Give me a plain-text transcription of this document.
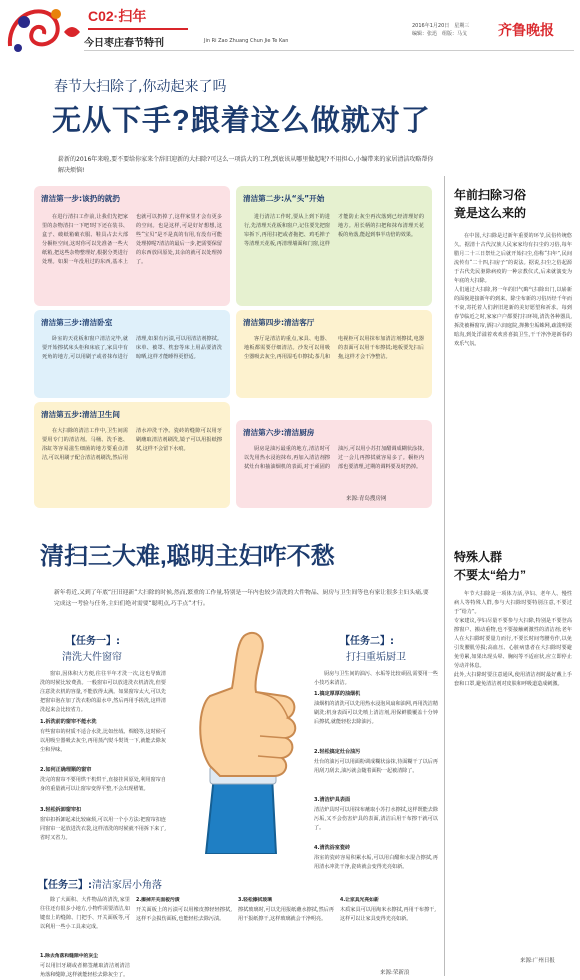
C02·扫年
今日枣庄春节特刊	Jin Ri Zao Zhuang Chun Jie Te Kan
2016年1月20日　星期三
编辑：张迅　组版：马戈 齐鲁晚报
春节大扫除了,你动起来了吗
无从下手?跟着这么做就对了
崭新的2016年来啦,要不要给你家来个辞旧迎新的大扫除?可这么一项浩大的工程,到底该从哪里做起呢?不用担心,小编带来的家居清洁攻略帮你解决烦恼!
清洁第一步:该扔的就扔
在进行清扫工作前,让我们先把家里的杂物清扫一下吧!时下还在装书、盒子、破纸箱破衣服、鞋具占去大部分橱柜空间,这时你可以先准备一些大纸箱,把这些杂物整理好,根据分类进行处理。如果一年没用过的东西,基本上也就可以扔掉了,这样家里才会有更多的空间。也是这样,可是好好想想,这些“宝贝”是不是真的有用,有没有可能处理掉呢?清洁的最后一步,把需要保留的东西放回原处,其余的就可以处理掉了。
清洁第二步:从“头”开始
进行清洁工作时,要从上到下的进行,先清理天花板和窗户,记住要先把窗帘拆下,再用扫把或者拖把、鸡毛掸子等清理天花板,再清理墙面和门窗,这样才能防止灰尘再次落到已经清理好的地方。用长柄的扫把和抹布清理天花板的角落,能起到事半功倍的效果。
清洁第三步:清洁卧室
卧室的天花板和窗户清洁完毕,就要开始擦拭床头柜和床底了,家具中有死角的地方,可以用刷子或者抹布进行清理,如果有污渍,可以用清洁剂擦拭。床单、被罩、枕套等床上用品要清洗晾晒,这样才能睡得更舒适。
清洁第四步:清洁客厅
客厅是清洁的重点,家具、电器、地板都需要仔细清洁。沙发可以用吸尘器吸去灰尘,再用湿毛巾擦拭;茶几和电视柜可以用抹布加清洁剂擦拭,电器的表面可以用干布擦拭;地板要先扫后拖,这样才会干净整洁。
清洁第五步:清洁卫生间
在大扫除的清洁工作中,卫生间需要用专门的清洁剂。马桶、洗手池、浴缸等容易滋生细菌的地方要重点清洁,可以用刷子配合清洁剂刷洗,然后用清水冲洗干净。瓷砖的缝隙可以用牙刷蘸取清洁剂刷洗,镜子可以用报纸擦拭,这样不会留下水痕。
清洁第六步:清洁厨房
厨房是油污最重的地方,清洁时可以先用热水浸泡抹布,再加入清洁剂擦拭灶台和抽油烟机的表面,对于顽固的油污,可以用小苏打加醋调成糊状涂抹,过一会儿再擦拭就容易多了。橱柜内部也要清理,过期的调料要及时扔掉。
来源:青岛搜房网
清扫三大难,聪明主妇咋不愁
新年将近,又到了年底“汪旧迎新”大扫除的时候,然而,繁重的工作量,特别是一年内也较少清洗的大件物品、厨房与卫生间等也有家让很多主妇头痛,要完成这一考验与任务,主妇们绝对需要“聪明点,巧手点”才行。
【任务一】:
清洗大件窗帘
窗帘,因体积大方便,往往半年才洗一次,这也导致清洗的时候比较费劲。一般窗帘可以放进洗衣机清洗,但要注意洗衣机的容量,不能放得太满。如果窗帘太大,可以先把窗帘泡在加了洗衣粉的温水中,然后再用手搓洗,这样清洗起来会比较省力。
1.拆洗前的窗帘不能水洗
有些窗帘的材质不适合水洗,比如丝绒、绸缎等,这时候可以用吸尘器吸去灰尘,再用蒸汽熨斗熨烫一下,就能去除灰尘和异味。
2.如何正确理顺的窗帘
洗完的窗帘不要用烘干机烘干,直接挂回原处,利用窗帘自身的重量就可以让窗帘变得平整,不会出现褶皱。
3.轻松拆卸窗帘扣
窗帘扣拆卸起来比较麻烦,可以用一个小方法:把窗帘扣连同窗帘一起放进洗衣袋,这样清洗的时候就不用拆下来了,省时又省力。
【任务二】:
打扫重垢厨卫
厨房与卫生间的油污、水垢等比较顽固,需要用一些小技巧来清洁。
1.搞定厚厚的油烟机
油烟机的清洗可以先用热水浸泡风扇和油网,再用洗洁精刷洗;机身表面可以先喷上清洁剂,用保鲜膜覆盖十分钟后擦拭,就能轻松去除油污。
2.轻松搞定灶台油污
灶台的油污可以用面粉调成糊状涂抹,待面糊干了以后再用刮刀刮去,油污就会随着面粉一起被清除了。
3.清洁炉具表面
清洁炉具时可以用抹布蘸取小苏打水擦拭,这样既能去除污垢,又不会伤害炉具的表面,清洁后用干布擦干就可以了。
4.清洗浴室瓷砖
浴室的瓷砖容易积累水垢,可以用白醋和水混合擦拭,再用清水冲洗干净,瓷砖就会变得光亮如新。
【任务三】:清洁家居小角落
除了大面积、大件物品的清洗,家里往往还有很多小地方,小物件需要清洁,如键盘上的缝隙、门把手、开关面板等,可以利用一些小工具来完成。
1.除去角落和缝隙中的灰尘
可以用旧牙刷或者棉签蘸取清洁剂清洁角落和缝隙,这样就能轻松去除灰尘了。
2.擦掉开关面板污渍
开关面板上的污渍可以用橡皮擦轻轻擦拭,这样不会损伤面板,也能轻松去除污渍。
3.轻松擦拭玻璃
擦拭玻璃时,可以先用报纸蘸水擦拭,然后再用干报纸擦干,这样玻璃就会干净明亮。
4.让家具光亮如新
木质家具可以用淘米水擦拭,再用干布擦干,这样可以让家具变得光亮如新。
来源:荣新浪
年前扫除习俗
竟是这么来的
在中国,大扫除是过新年重要的环节,民俗传统悠久。据清十古代汉族人民家家均有扫尘的习俗,每年腊月二十三日祭灶之后就开始扫尘,俗称“扫年”,民间流传有“二十四,扫房子”的说法。据说,扫尘之俗起源于古代先民驱除病疫的一种宗教仪式,后来就演变为年底的大扫除。
人们通过大扫除,将一年的旧气晦气扫除出门,以崭新的面貌迎接新年的到来。除尘布新的习俗历经千年而不衰,寄托着人们辞旧迎新的美好愿望和祈求。每到春节临近之时,家家户户都要打扫环境,清洗各种器具,拆洗被褥窗帘,洒扫六闾庭院,掸拂尘垢蛛网,疏浚明渠暗沟,到处洋溢着欢欢喜喜搞卫生,干干净净迎新春的欢乐气氛。
特殊人群
不要太“给力”
年节大扫除是一项体力活,孕妇、老年人、慢性病人等特殊人群,参与大扫除时要特别注意,不要过于“给力”。
专家建议,孕妇尽量不要参与大扫除,特别是不要登高擦窗户、搬动重物,也不要接触刺激性的清洁剂;老年人在大扫除时要量力而行,不要长时间弯腰劳作,以免引发腰肌劳损;高血压、心脏病患者在大扫除时要避免劳累,如果出现头晕、胸闷等不适症状,应立即停止劳动并休息。
此外,大扫除时要注意通风,使用清洁剂时最好戴上手套和口罩,避免清洁剂对皮肤和呼吸道造成刺激。
来源:广州日报
